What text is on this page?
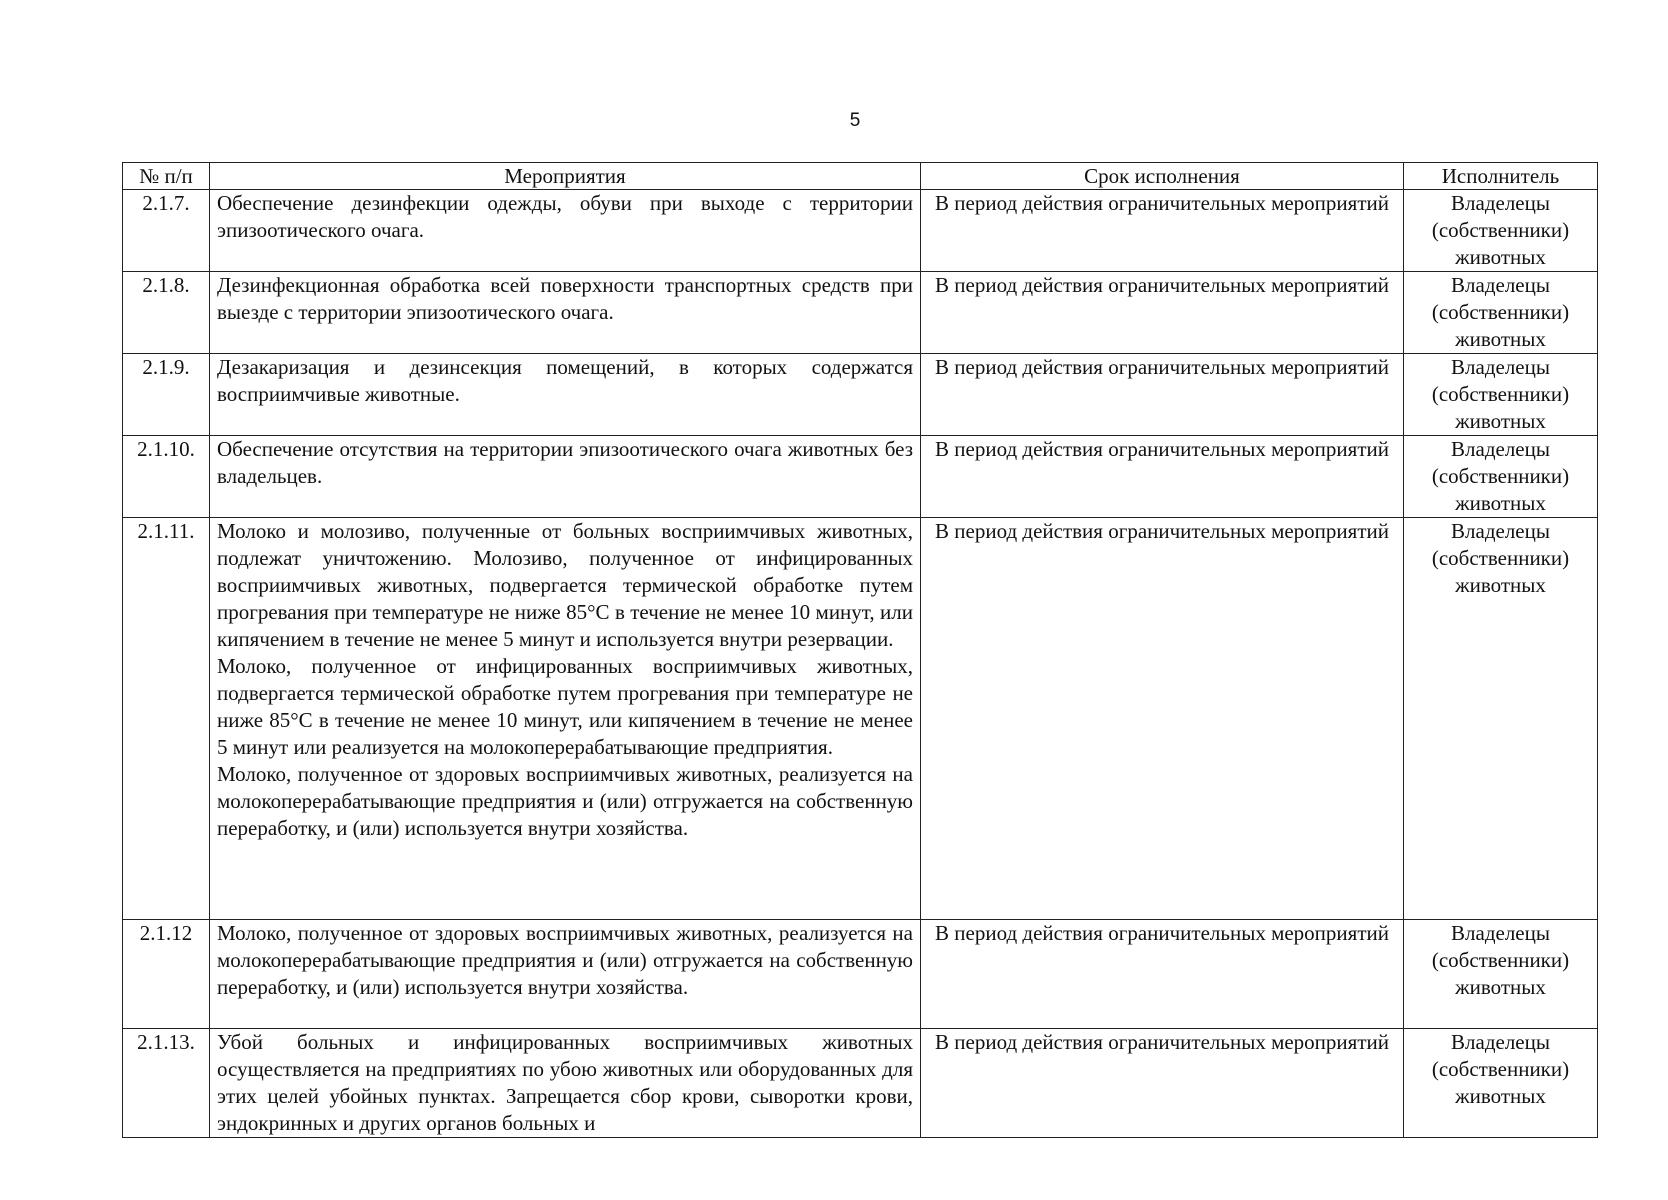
5
№ п/п	Мероприятия	Срок исполнения	Исполнитель
2.1.7.	Обеспечение дезинфекции одежды, обуви при выходе с территории эпизоотического очага.	В период действия ограничительных мероприятий	Владелецы (собственники) животных
2.1.8.	Дезинфекционная обработка всей поверхности транспортных средств при выезде с территории эпизоотического очага.	В период действия ограничительных мероприятий	Владелецы (собственники) животных
2.1.9.	Дезакаризация и дезинсекция помещений, в которых содержатся восприимчивые животные.	В период действия ограничительных мероприятий	Владелецы (собственники) животных
2.1.10.	Обеспечение отсутствия на территории эпизоотического очага животных без владельцев.	В период действия ограничительных мероприятий	Владелецы (собственники) животных
2.1.11.	Молоко и молозиво, полученные от больных восприимчивых животных, подлежат уничтожению. Молозиво, полученное от инфицированных восприимчивых животных, подвергается термической обработке путем прогревания при температуре не ниже 85°С в течение не менее 10 минут, или кипячением в течение не менее 5 минут и используется внутри резервации.
Молоко, полученное от инфицированных восприимчивых животных, подвергается термической обработке путем прогревания при температуре не ниже 85°С в течение не менее 10 минут, или кипячением в течение не менее 5 минут или реализуется на молокоперерабатывающие предприятия.
Молоко, полученное от здоровых восприимчивых животных, реализуется на молокоперерабатывающие предприятия и (или) отгружается на собственную переработку, и (или) используется внутри хозяйства.	В период действия ограничительных мероприятий	Владелецы (собственники) животных
2.1.12	Молоко, полученное от здоровых восприимчивых животных, реализуется на молокоперерабатывающие предприятия и (или) отгружается на собственную переработку, и (или) используется внутри хозяйства.	В период действия ограничительных мероприятий	Владелецы (собственники) животных
2.1.13.	Убой больных и инфицированных восприимчивых животных осуществляется на предприятиях по убою животных или оборудованных для этих целей убойных пунктах. Запрещается сбор крови, сыворотки крови, эндокринных и других органов больных и	В период действия ограничительных мероприятий	Владелецы (собственники) животных
